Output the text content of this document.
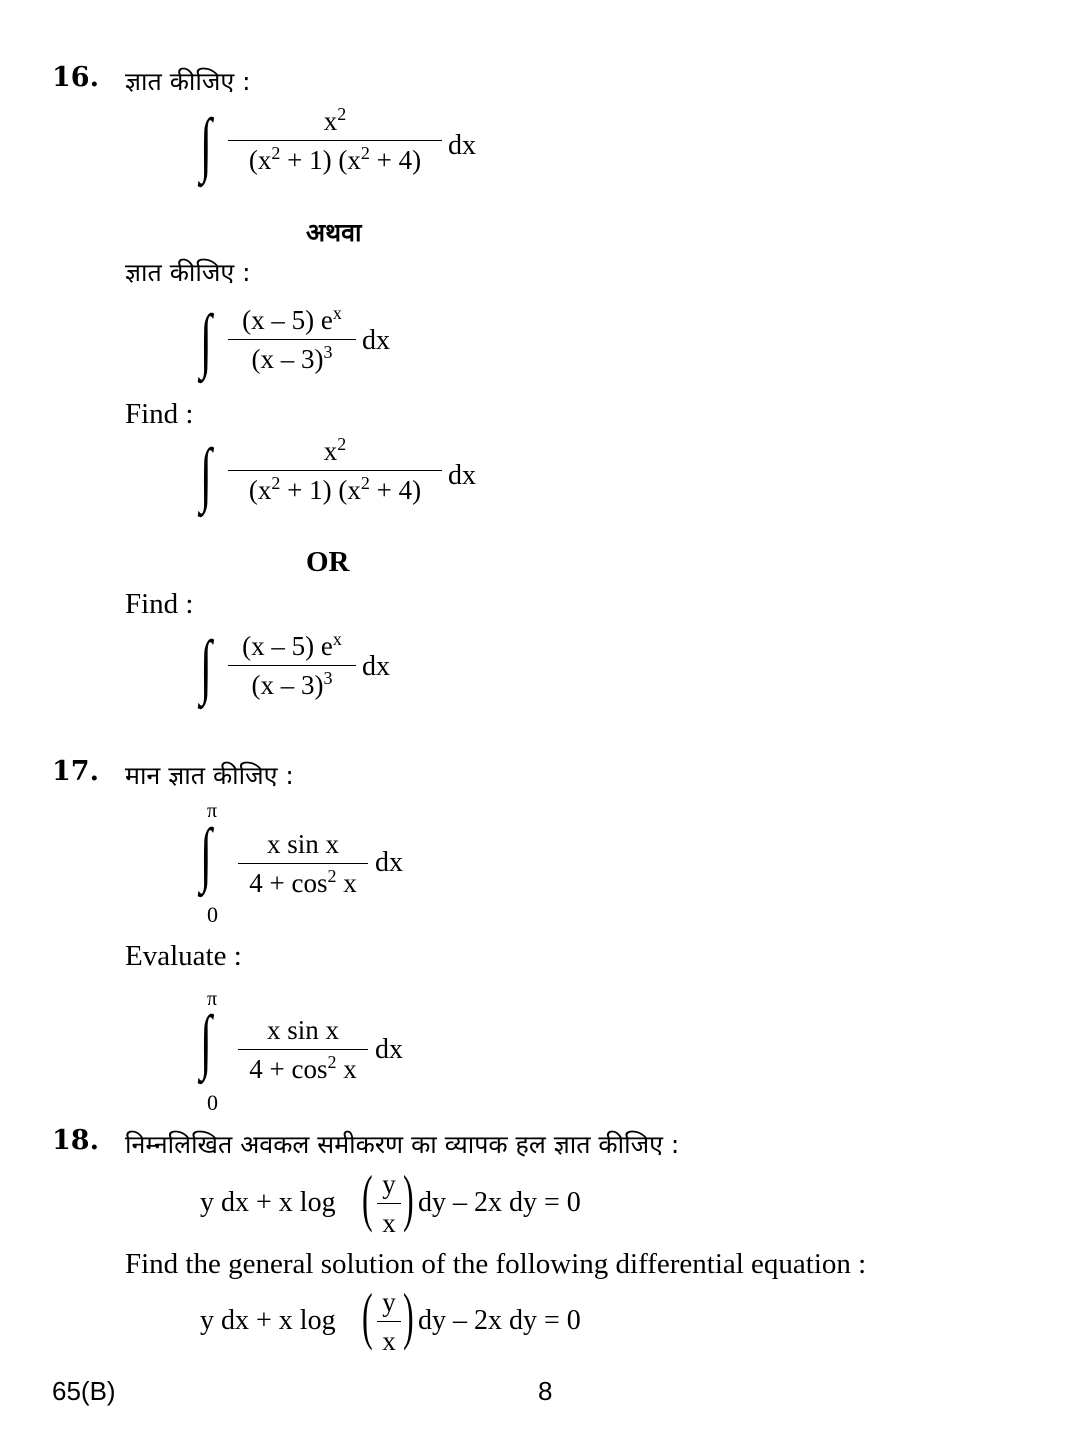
16. ज्ञात कीजिए :
∫	$x^2$
$(x^2 + 1) (x^2 + 4)$ dx
अथवा
ज्ञात कीजिए :
∫	(x – 5) $e^x$
(x – 3)$^3$	dx
Find :
∫	$x^2$
$(x^2 + 1) (x^2 + 4)$ dx
OR
Find :
∫	(x – 5) $e^x$
(x – 3)$^3$	dx
17. मान ज्ञात कीजिए :
π
∫
0
x sin x
$4 + \cos^2 x$
dx
Evaluate :
π
∫
0
x sin x
$4 + \cos^2 x$
dx
18. निम्नलिखित अवकल समीकरण का व्यापक हल ज्ञात कीजिए :
y dx + x log ( y
x ) dy – 2x dy = 0
Find the general solution of the following differential equation :
y dx + x log ( y
x ) dy – 2x dy = 0
65(B)	8
